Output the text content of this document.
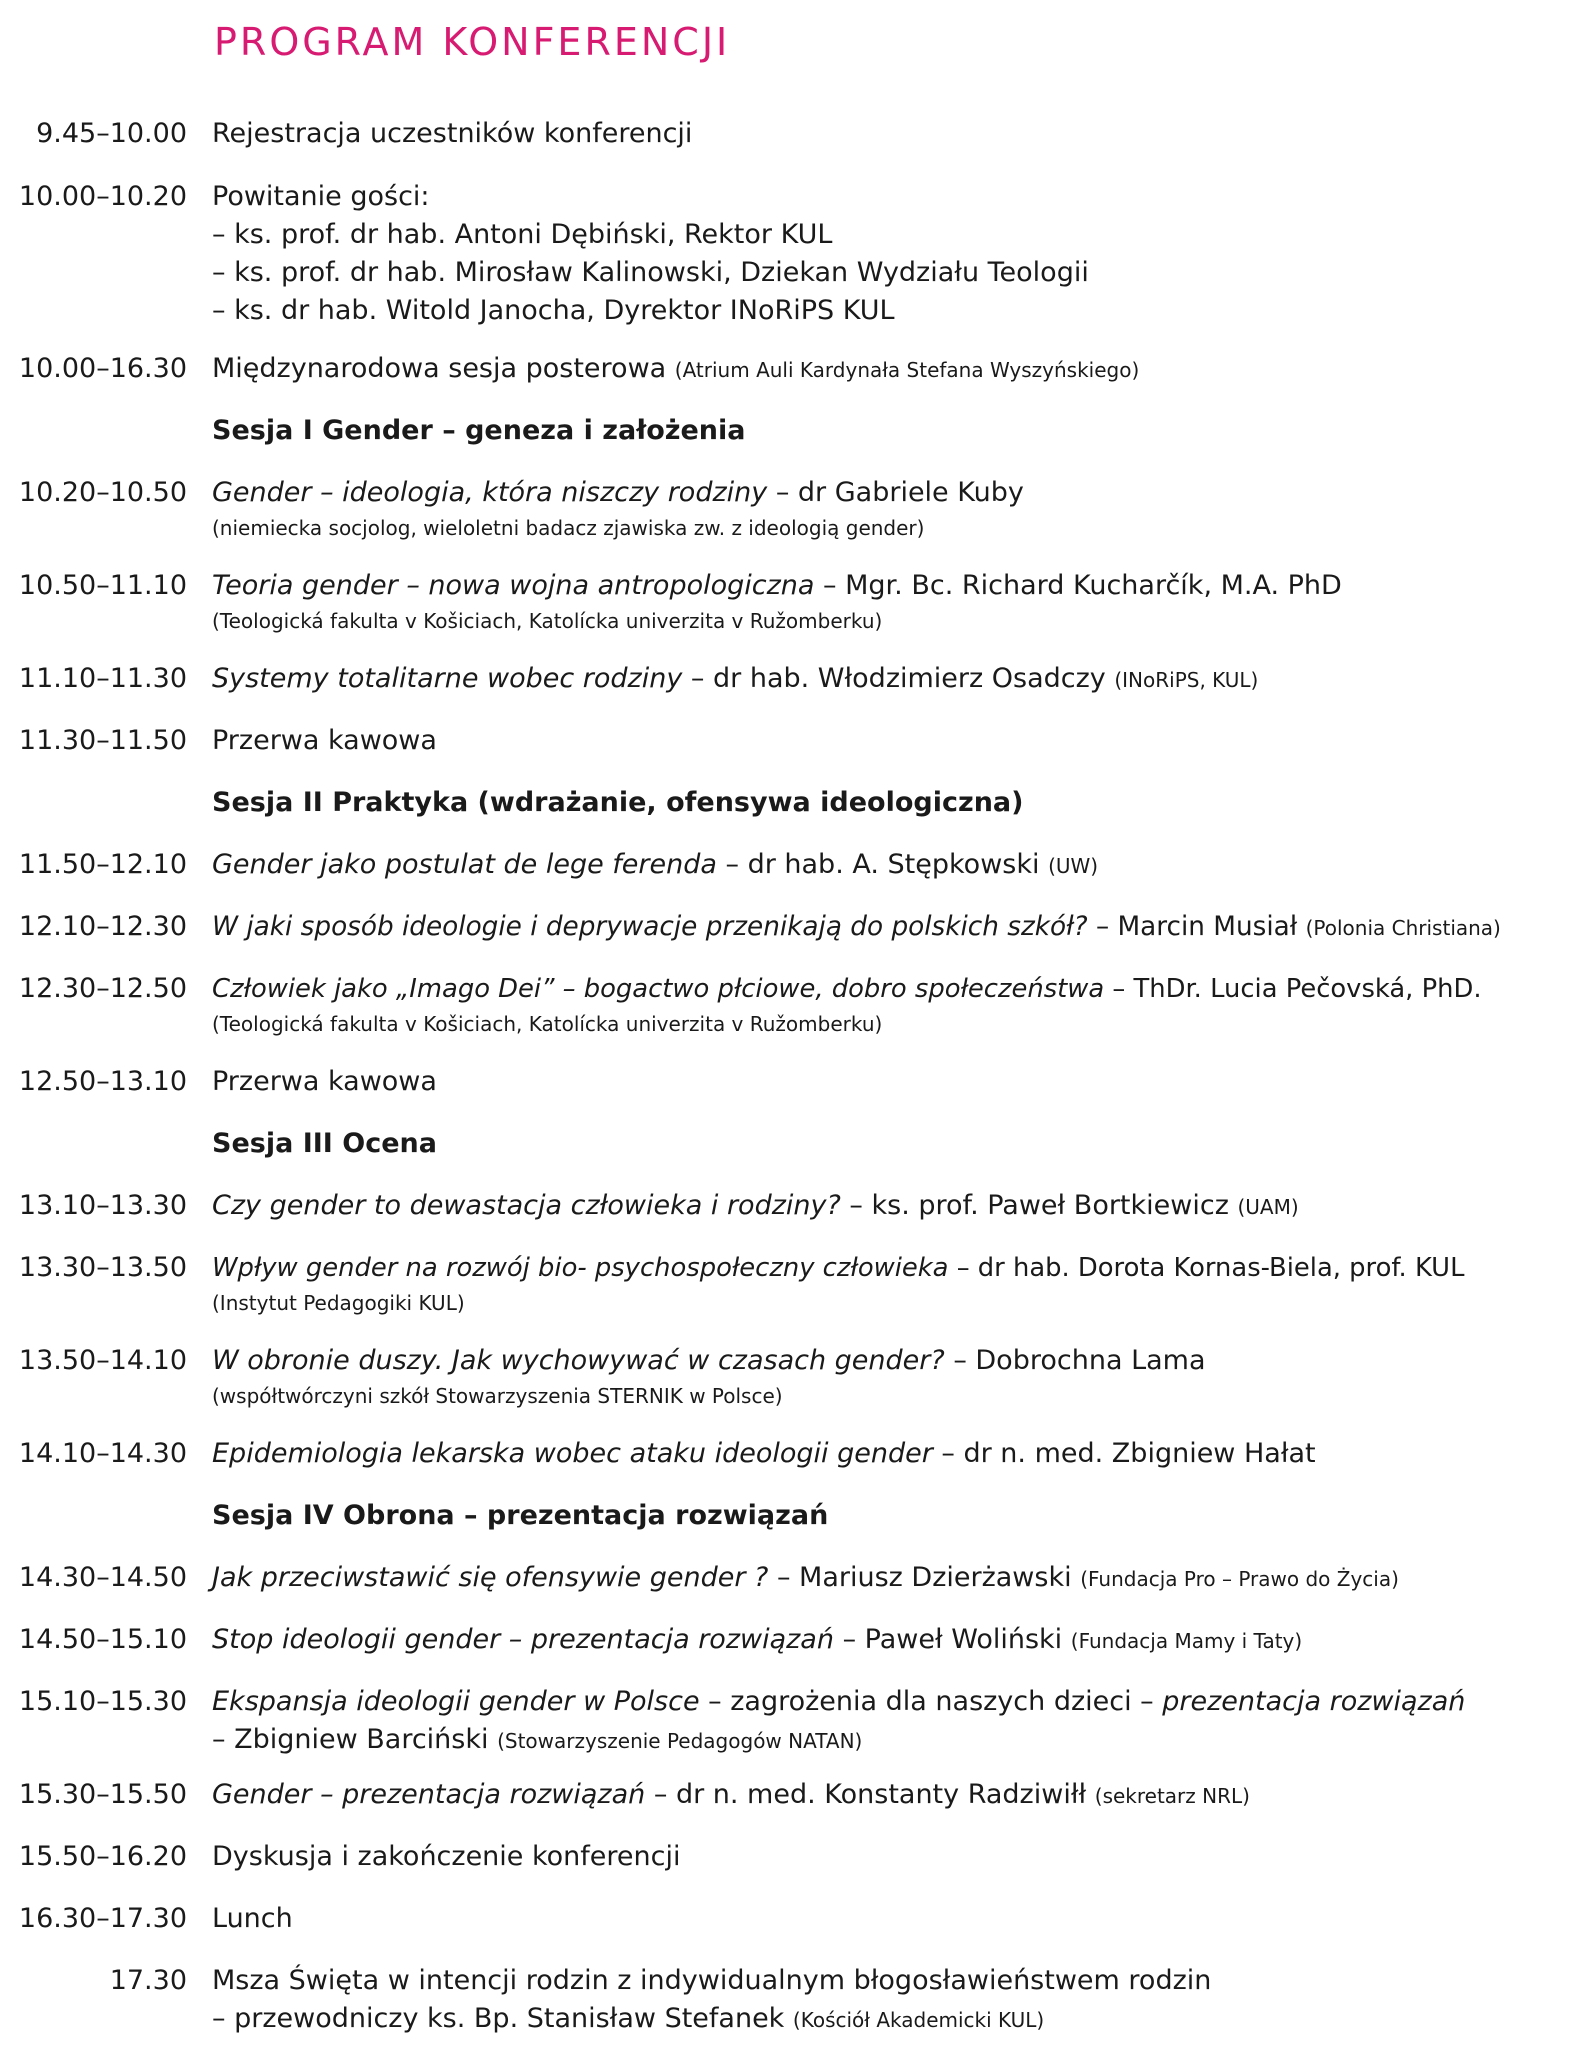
PROGRAM KONFERENCJI
9.45–10.00 Rejestracja uczestników konferencji
10.00–10.20 Powitanie gości:
– ks. prof. dr hab. Antoni Dębiński, Rektor KUL
– ks. prof. dr hab. Mirosław Kalinowski, Dziekan Wydziału Teologii
– ks. dr hab. Witold Janocha, Dyrektor INoRiPS KUL
10.00–16.30 Międzynarodowa sesja posterowa (Atrium Auli Kardynała Stefana Wyszyńskiego)
Sesja I Gender – geneza i założenia
10.20–10.50 Gender – ideologia, która niszczy rodziny – dr Gabriele Kuby
(niemiecka socjolog, wieloletni badacz zjawiska zw. z ideologią gender)
10.50–11.10 Teoria gender – nowa wojna antropologiczna – Mgr. Bc. Richard Kucharčík, M.A. PhD
(Teologická fakulta v Košiciach, Katolícka univerzita v Ružomberku)
11.10–11.30 Systemy totalitarne wobec rodziny – dr hab. Włodzimierz Osadczy (INoRiPS, KUL)
11.30–11.50 Przerwa kawowa
Sesja II Praktyka (wdrażanie, ofensywa ideologiczna)
11.50–12.10 Gender jako postulat de lege ferenda – dr hab. A. Stępkowski (UW)
12.10–12.30 W jaki sposób ideologie i deprywacje przenikają do polskich szkół? – Marcin Musiał (Polonia Christiana)
12.30–12.50 Człowiek jako „Imago Dei” – bogactwo płciowe, dobro społeczeństwa – ThDr. Lucia Pečovská, PhD.
(Teologická fakulta v Košiciach, Katolícka univerzita v Ružomberku)
12.50–13.10 Przerwa kawowa
Sesja III Ocena
13.10–13.30 Czy gender to dewastacja człowieka i rodziny? – ks. prof. Paweł Bortkiewicz (UAM)
13.30–13.50 Wpływ gender na rozwój bio- psychospołeczny człowieka – dr hab. Dorota Kornas-Biela, prof. KUL
(Instytut Pedagogiki KUL)
13.50–14.10 W obronie duszy. Jak wychowywać w czasach gender? – Dobrochna Lama
(współtwórczyni szkół Stowarzyszenia STERNIK w Polsce)
14.10–14.30 Epidemiologia lekarska wobec ataku ideologii gender – dr n. med. Zbigniew Hałat
Sesja IV Obrona – prezentacja rozwiązań
14.30–14.50 Jak przeciwstawić się ofensywie gender ? – Mariusz Dzierżawski (Fundacja Pro – Prawo do Życia)
14.50–15.10 Stop ideologii gender – prezentacja rozwiązań – Paweł Woliński (Fundacja Mamy i Taty)
15.10–15.30 Ekspansja ideologii gender w Polsce – zagrożenia dla naszych dzieci – prezentacja rozwiązań
– Zbigniew Barciński (Stowarzyszenie Pedagogów NATAN)
15.30–15.50 Gender – prezentacja rozwiązań – dr n. med. Konstanty Radziwiłł (sekretarz NRL)
15.50–16.20 Dyskusja i zakończenie konferencji
16.30–17.30 Lunch
17.30 Msza Święta w intencji rodzin z indywidualnym błogosławieństwem rodzin
– przewodniczy ks. Bp. Stanisław Stefanek (Kościół Akademicki KUL)
